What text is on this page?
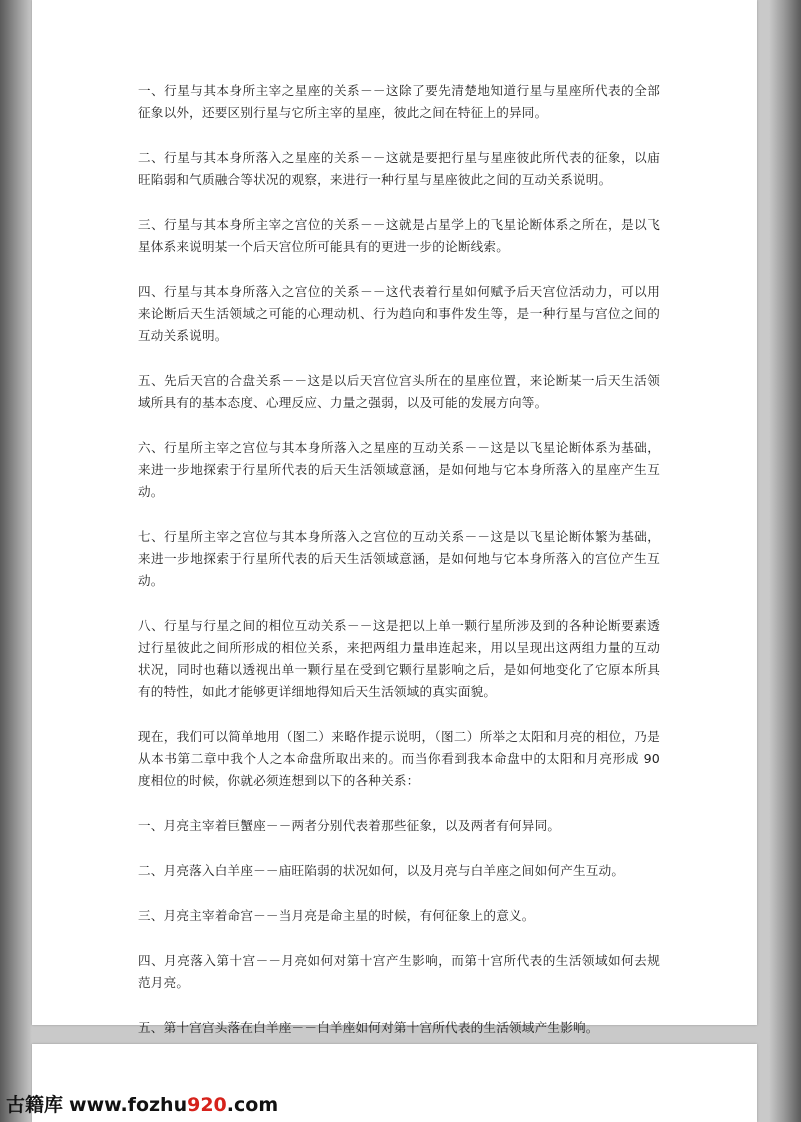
一、行星与其本身所主宰之星座的关系－－这除了要先清楚地知道行星与星座所代表的全部征象以外，还要区别行星与它所主宰的星座，彼此之间在特征上的异同。

二、行星与其本身所落入之星座的关系－－这就是要把行星与星座彼此所代表的征象，以庙旺陷弱和气质融合等状况的观察，来进行一种行星与星座彼此之间的互动关系说明。

三、行星与其本身所主宰之宫位的关系－－这就是占星学上的飞星论断体系之所在，是以飞星体系来说明某一个后天宫位所可能具有的更进一步的论断线索。

四、行星与其本身所落入之宫位的关系－－这代表着行星如何赋予后天宫位活动力，可以用来论断后天生活领域之可能的心理动机、行为趋向和事件发生等，是一种行星与宫位之间的互动关系说明。

五、先后天宫的合盘关系－－这是以后天宫位宫头所在的星座位置，来论断某一后天生活领域所具有的基本态度、心理反应、力量之强弱，以及可能的发展方向等。

六、行星所主宰之宫位与其本身所落入之星座的互动关系－－这是以飞星论断体系为基础，来进一步地探索于行星所代表的后天生活领域意涵，是如何地与它本身所落入的星座产生互动。

七、行星所主宰之宫位与其本身所落入之宫位的互动关系－－这是以飞星论断体繁为基础，来进一步地探索于行星所代表的后天生活领域意涵，是如何地与它本身所落入的宫位产生互动。

八、行星与行星之间的相位互动关系－－这是把以上单一颗行星所涉及到的各种论断要素透过行星彼此之间所形成的相位关系，来把两组力量串连起来，用以呈现出这两组力量的互动状况，同时也藉以透视出单一颗行星在受到它颗行星影响之后，是如何地变化了它原本所具有的特性，如此才能够更详细地得知后天生活领域的真实面貌。

现在，我们可以简单地用（图二）来略作提示说明，（图二）所举之太阳和月亮的相位，乃是从本书第二章中我个人之本命盘所取出来的。而当你看到我本命盘中的太阳和月亮形成 90 度相位的时候，你就必须连想到以下的各种关系：

一、月亮主宰着巨蟹座－－两者分别代表着那些征象，以及两者有何异同。

二、月亮落入白羊座－－庙旺陷弱的状况如何，以及月亮与白羊座之间如何产生互动。

三、月亮主宰着命宫－－当月亮是命主星的时候，有何征象上的意义。

四、月亮落入第十宫－－月亮如何对第十宫产生影响，而第十宫所代表的生活领域如何去规范月亮。

五、第十宫宫头落在白羊座－－白羊座如何对第十宫所代表的生活领域产生影响。

古籍库 www.fozhu 920 .com
